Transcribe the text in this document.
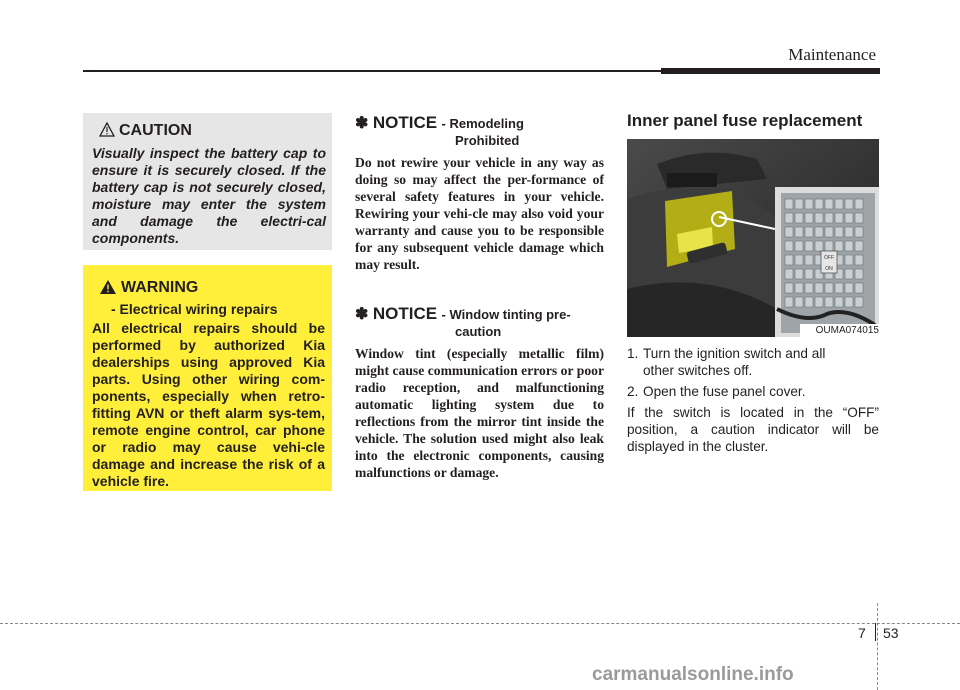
Maintenance
CAUTION
Visually inspect the battery cap to ensure it is securely closed. If the battery cap is not securely closed, moisture may enter the system and damage the electri-cal components.
WARNING
- Electrical wiring repairs
All electrical repairs should be performed by authorized Kia dealerships using approved Kia parts. Using other wiring com-ponents, especially when retro-fitting AVN or theft alarm sys-tem, remote engine control, car phone or radio may cause vehi-cle damage and increase the risk of a vehicle fire.
✽ NOTICE - Remodeling
Prohibited
Do not rewire your vehicle in any way as doing so may affect the per-formance of several safety features in your vehicle. Rewiring your vehi-cle may also void your warranty and cause you to be responsible for any subsequent vehicle damage which may result.
✽ NOTICE - Window tinting pre-
caution
Window tint (especially metallic film) might cause communication errors or poor radio reception, and malfunctioning automatic lighting system due to reflections from the mirror tint inside the vehicle. The solution used might also leak into the electronic components, causing malfunctions or damage.
Inner panel fuse replacement
OFF
ON
OUMA074015
1. Turn the ignition switch and all
other switches off.
2. Open the fuse panel cover.
If the switch is located in the “OFF” position, a caution indicator will be displayed in the cluster.
7 53
carmanualsonline.info
